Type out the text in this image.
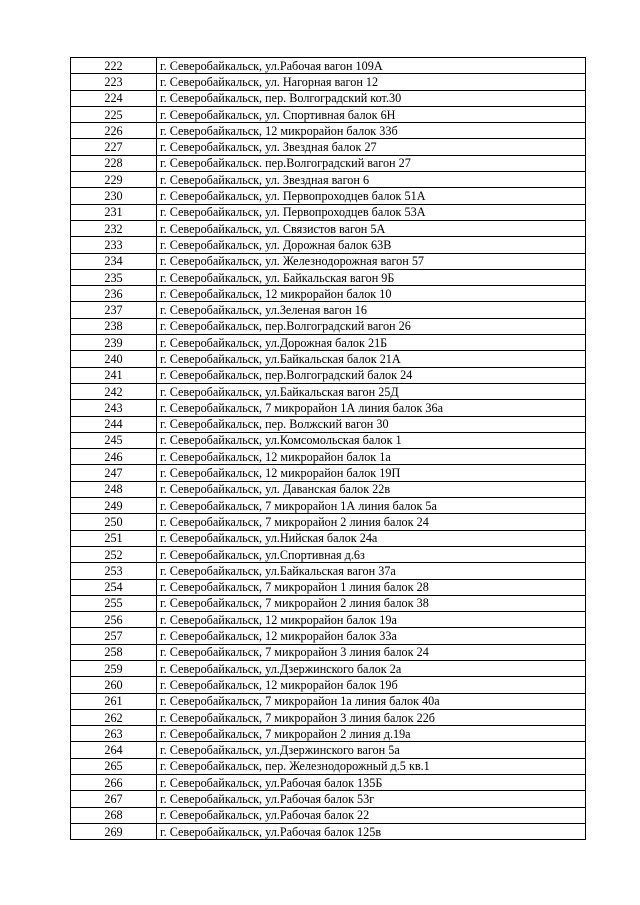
222	г. Северобайкальск, ул.Рабочая вагон 109А
223	г. Северобайкальск, ул. Нагорная вагон 12
224	г. Северобайкальск, пер. Волгоградский кот.30
225	г. Северобайкальск, ул. Спортивная балок 6Н
226	г. Северобайкальск, 12 микрорайон балок 33б
227	г. Северобайкальск, ул. Звездная балок 27
228	г. Северобайкальск. пер.Волгоградский вагон 27
229	г. Северобайкальск, ул. Звездная вагон 6
230	г. Северобайкальск, ул. Первопроходцев балок 51А
231	г. Северобайкальск, ул. Первопроходцев балок 53А
232	г. Северобайкальск, ул. Связистов вагон 5А
233	г. Северобайкальск, ул. Дорожная балок 63В
234	г. Северобайкальск, ул. Железнодорожная вагон 57
235	г. Северобайкальск, ул. Байкальская вагон 9Б
236	г. Северобайкальск, 12 микрорайон балок 10
237	г. Северобайкальск, ул.Зеленая вагон 16
238	г. Северобайкальск, пер.Волгоградский вагон 26
239	г. Северобайкальск, ул.Дорожная балок 21Б
240	г. Северобайкальск, ул.Байкальская балок 21А
241	г. Северобайкальск, пер.Волгоградский балок 24
242	г. Северобайкальск, ул.Байкальская вагон 25Д
243	г. Северобайкальск, 7 микрорайон 1А линия балок 36а
244	г. Северобайкальск, пер. Волжский вагон 30
245	г. Северобайкальск, ул.Комсомольская балок 1
246	г. Северобайкальск, 12 микрорайон балок 1а
247	г. Северобайкальск, 12 микрорайон балок 19П
248	г. Северобайкальск, ул. Даванская балок 22в
249	г. Северобайкальск, 7 микрорайон 1А линия балок 5а
250	г. Северобайкальск, 7 микрорайон 2 линия балок 24
251	г. Северобайкальск, ул.Нийская балок 24а
252	г. Северобайкальск, ул.Спортивная д.6з
253	г. Северобайкальск, ул.Байкальская вагон 37а
254	г. Северобайкальск, 7 микрорайон 1 линия балок 28
255	г. Северобайкальск, 7 микрорайон 2 линия балок 38
256	г. Северобайкальск, 12 микрорайон балок 19а
257	г. Северобайкальск, 12 микрорайон балок 33а
258	г. Северобайкальск, 7 микрорайон 3 линия балок 24
259	г. Северобайкальск, ул.Дзержинского балок 2а
260	г. Северобайкальск, 12 микрорайон балок 19б
261	г. Северобайкальск, 7 микрорайон 1а линия балок 40а
262	г. Северобайкальск, 7 микрорайон 3 линия балок 22б
263	г. Северобайкальск, 7 микрорайон 2 линия д.19а
264	г. Северобайкальск, ул.Дзержинского вагон 5а
265	г. Северобайкальск, пер. Железнодорожный д.5 кв.1
266	г. Северобайкальск, ул.Рабочая балок 135Б
267	г. Северобайкальск, ул.Рабочая балок 53г
268	г. Северобайкальск, ул.Рабочая балок 22
269	г. Северобайкальск, ул.Рабочая балок 125в
